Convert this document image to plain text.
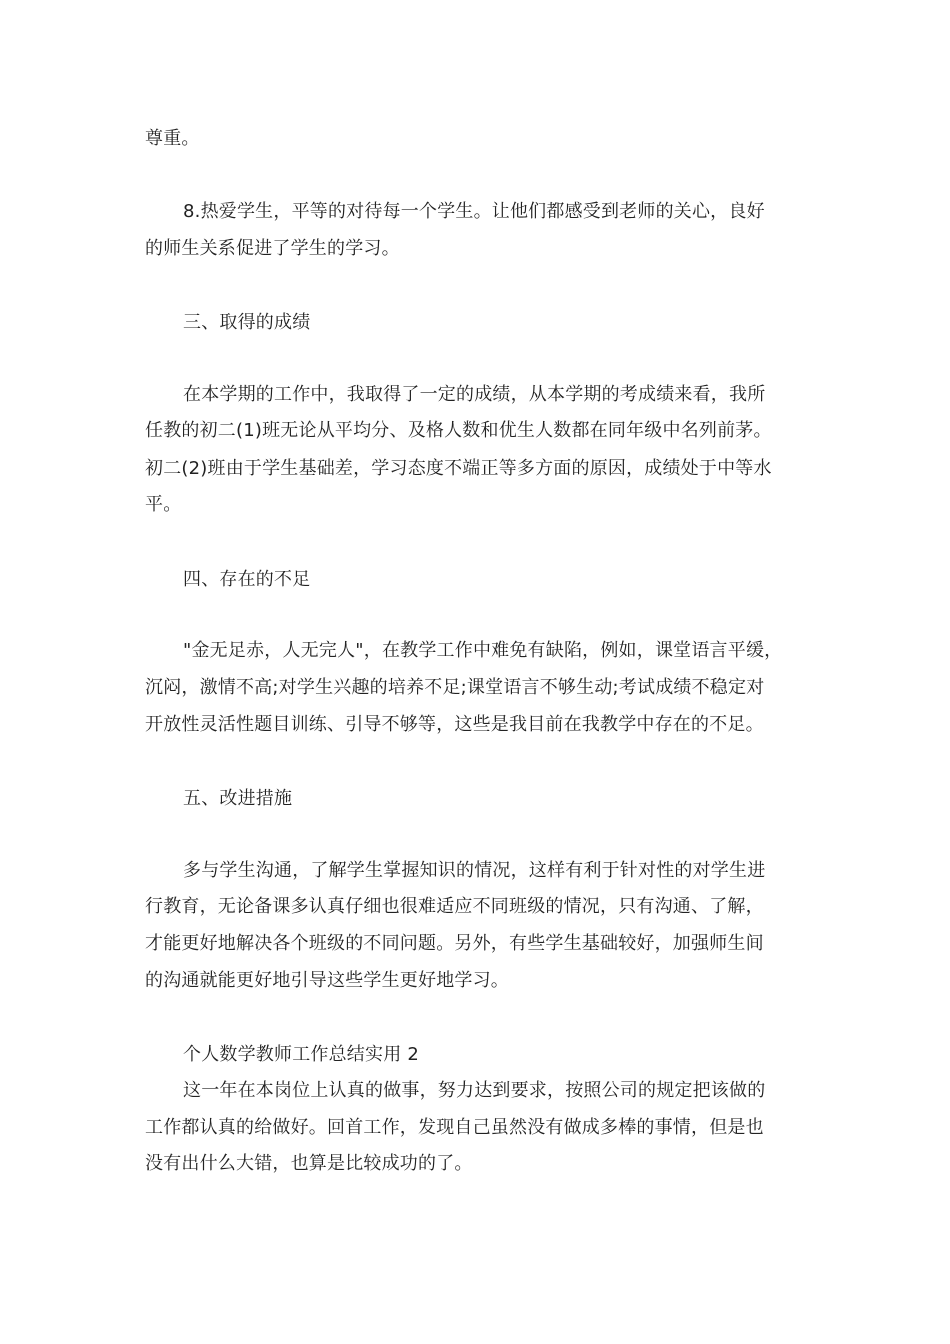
尊重。
8.热爱学生，平等的对待每一个学生。让他们都感受到老师的关心，良好
的师生关系促进了学生的学习。
三、取得的成绩
在本学期的工作中，我取得了一定的成绩，从本学期的考成绩来看，我所
任教的初二(1)班无论从平均分、及格人数和优生人数都在同年级中名列前茅。
初二(2)班由于学生基础差，学习态度不端正等多方面的原因，成绩处于中等水
平。
四、存在的不足
"金无足赤，人无完人"，在教学工作中难免有缺陷，例如，课堂语言平缓，
沉闷，激情不高;对学生兴趣的培养不足;课堂语言不够生动;考试成绩不稳定对
开放性灵活性题目训练、引导不够等，这些是我目前在我教学中存在的不足。
五、改进措施
多与学生沟通，了解学生掌握知识的情况，这样有利于针对性的对学生进
行教育，无论备课多认真仔细也很难适应不同班级的情况，只有沟通、了解，
才能更好地解决各个班级的不同问题。另外，有些学生基础较好，加强师生间
的沟通就能更好地引导这些学生更好地学习。
个人数学教师工作总结实用 2
这一年在本岗位上认真的做事，努力达到要求，按照公司的规定把该做的
工作都认真的给做好。回首工作，发现自己虽然没有做成多棒的事情，但是也
没有出什么大错，也算是比较成功的了。
